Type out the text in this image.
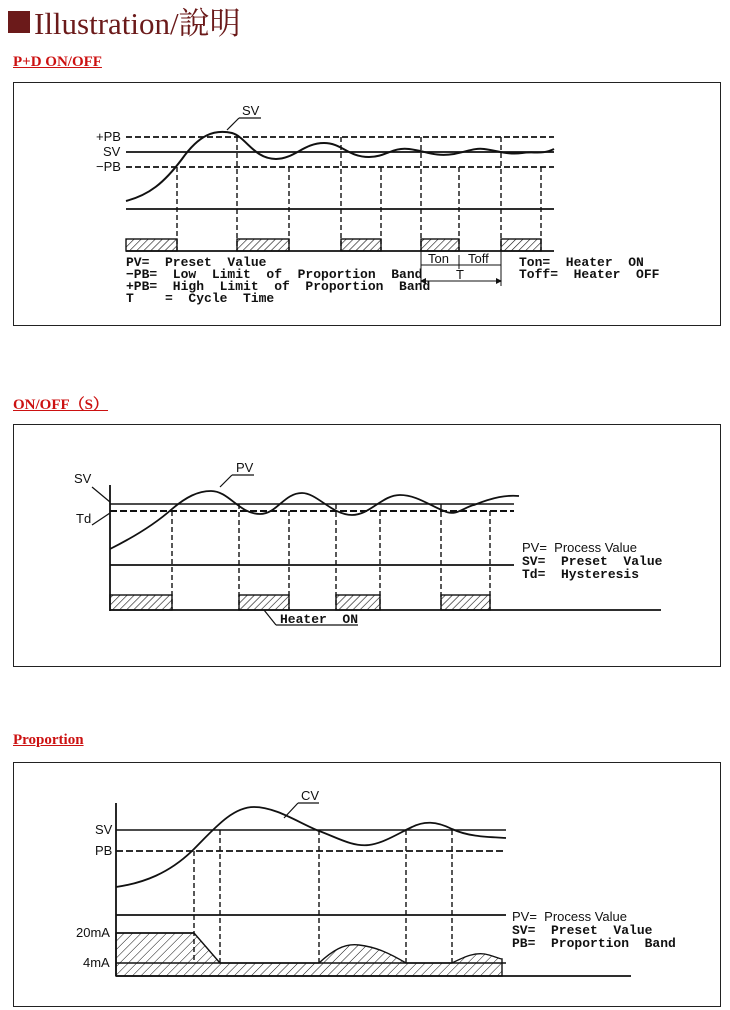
Illustration/說明
P+D ON/OFF
SV
+PB
SV
−PB
Ton Toff
T
PV=  Preset  Value
−PB=  Low  Limit  of  Proportion  Band
+PB=  High  Limit  of  Proportion  Band
T    =  Cycle  Time
Ton=  Heater  ON
Toff=  Heater  OFF
ON/OFF（S）
SV
Td
PV
Heater  ON
PV=  Process Value
SV=  Preset  Value
Td=  Hysteresis
Proportion
CV
SV
PB
20mA
4mA
PV=  Process Value
SV=  Preset  Value
PB=  Proportion  Band
